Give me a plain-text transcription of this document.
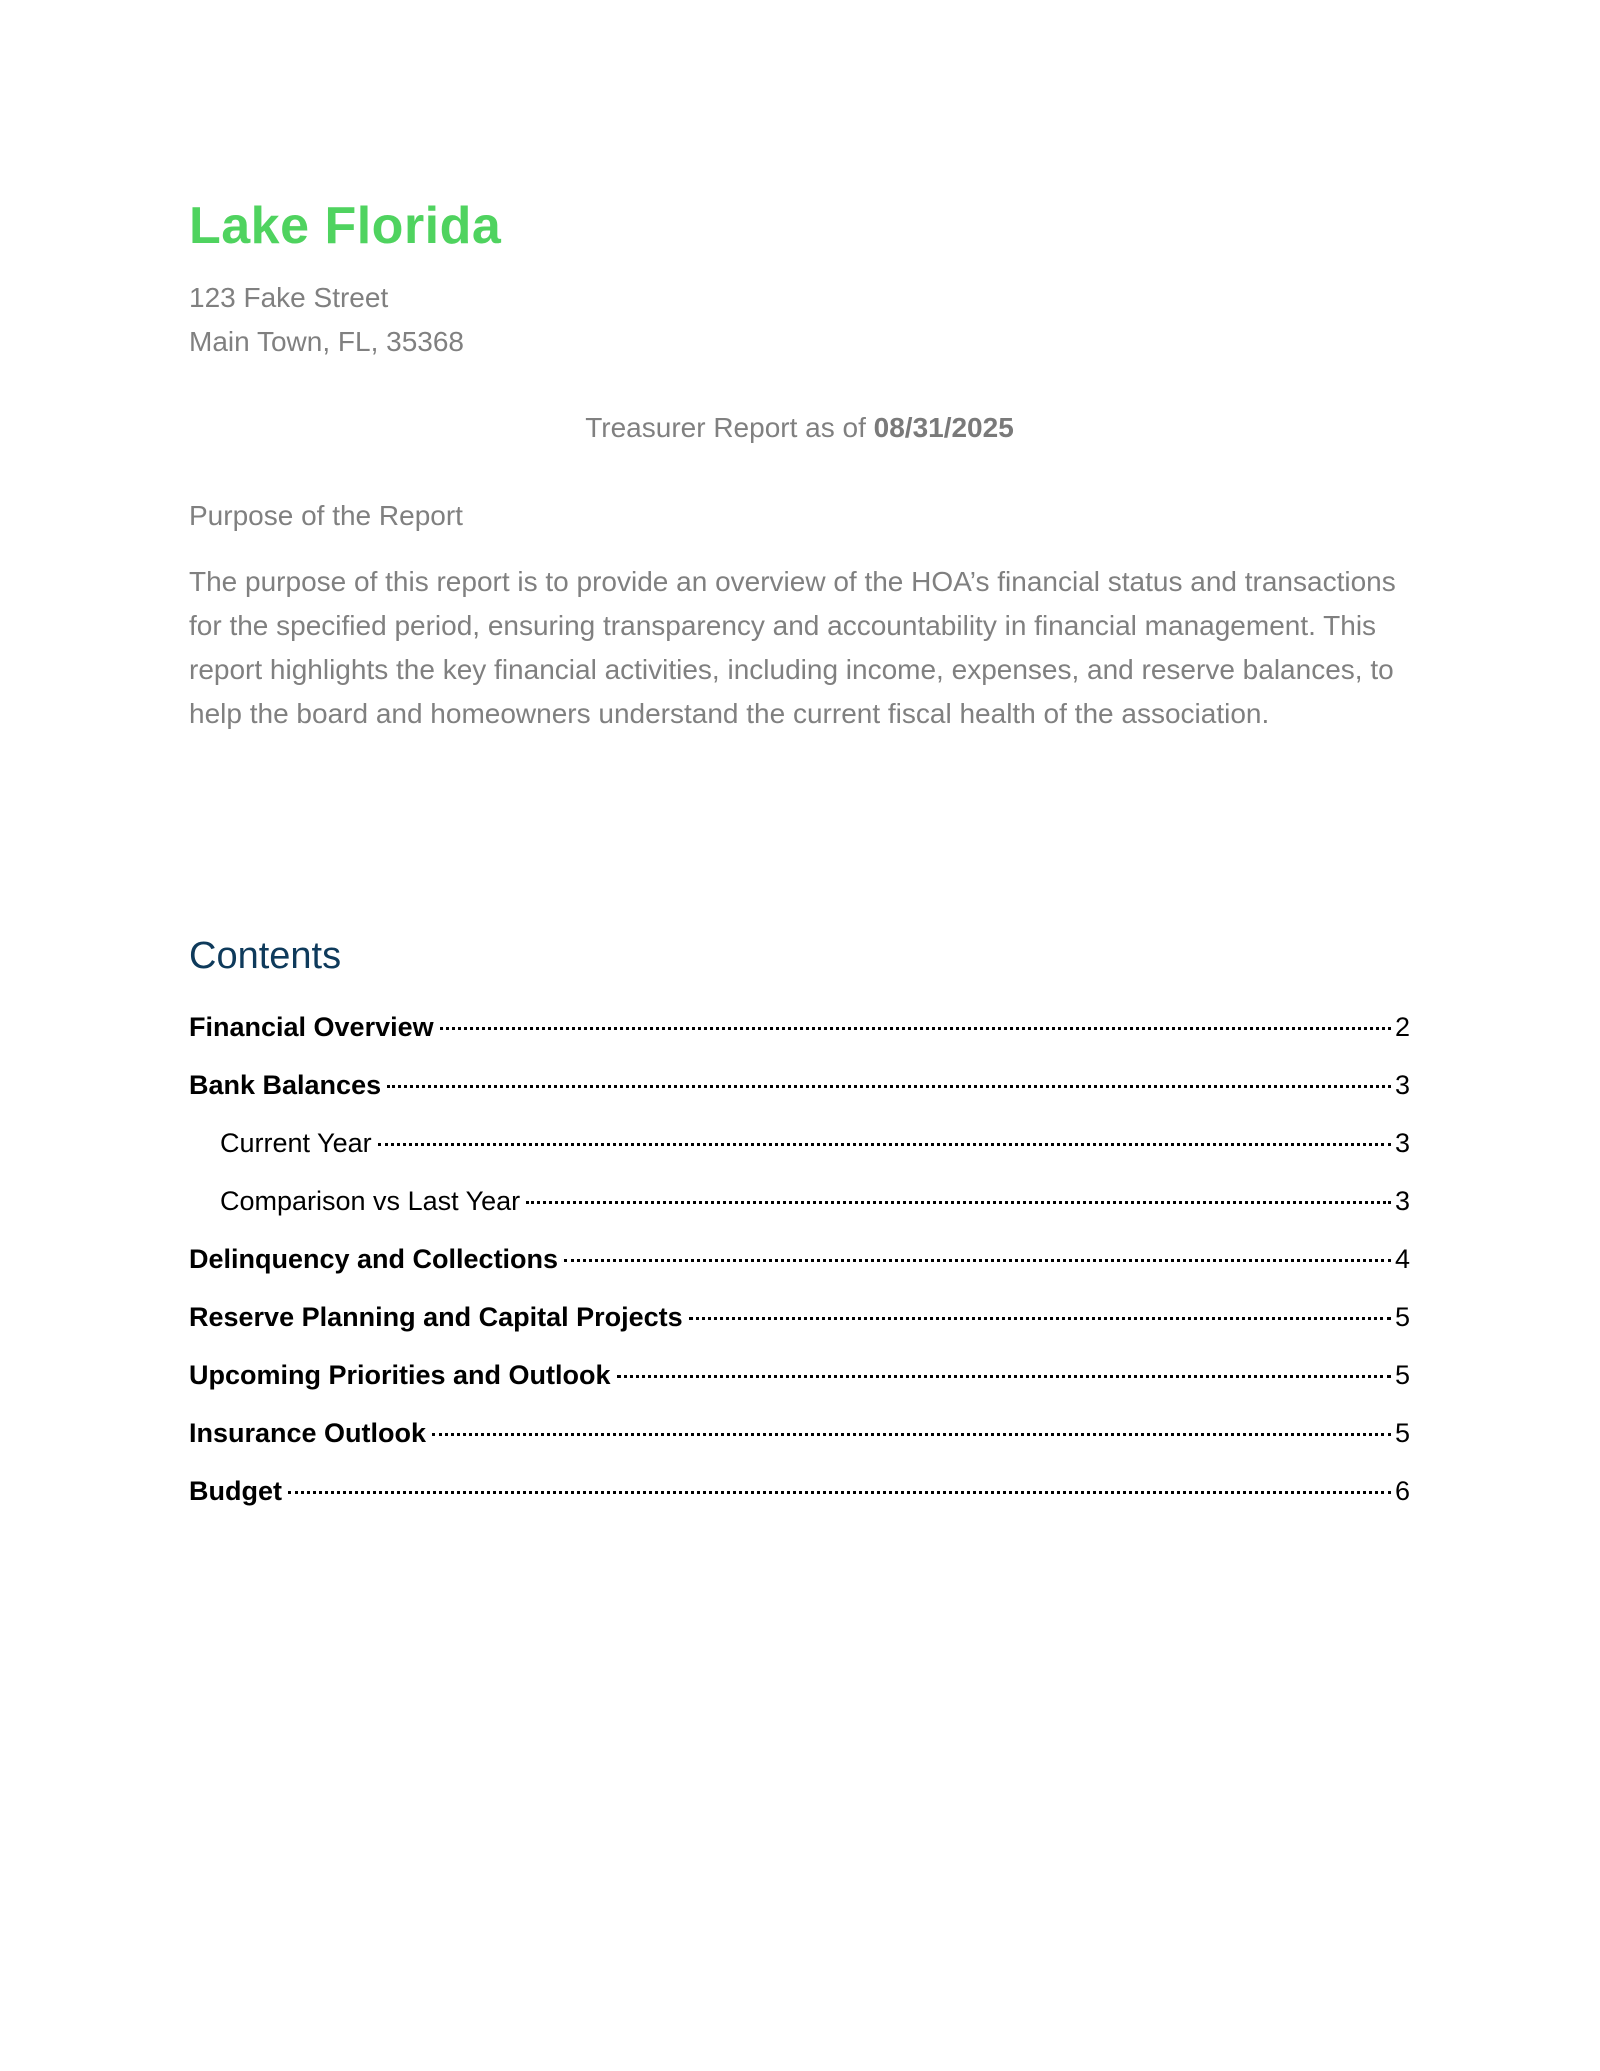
Lake Florida
123 Fake Street
Main Town, FL, 35368
Treasurer Report as of 08/31/2025
Purpose of the Report
The purpose of this report is to provide an overview of the HOA’s financial status and transactions for the specified period, ensuring transparency and accountability in financial management. This report highlights the key financial activities, including income, expenses, and reserve balances, to help the board and homeowners understand the current fiscal health of the association.
Contents
Financial Overview	2
Bank Balances	3
Current Year	3
Comparison vs Last Year	3
Delinquency and Collections	4
Reserve Planning and Capital Projects	5
Upcoming Priorities and Outlook	5
Insurance Outlook	5
Budget	6
